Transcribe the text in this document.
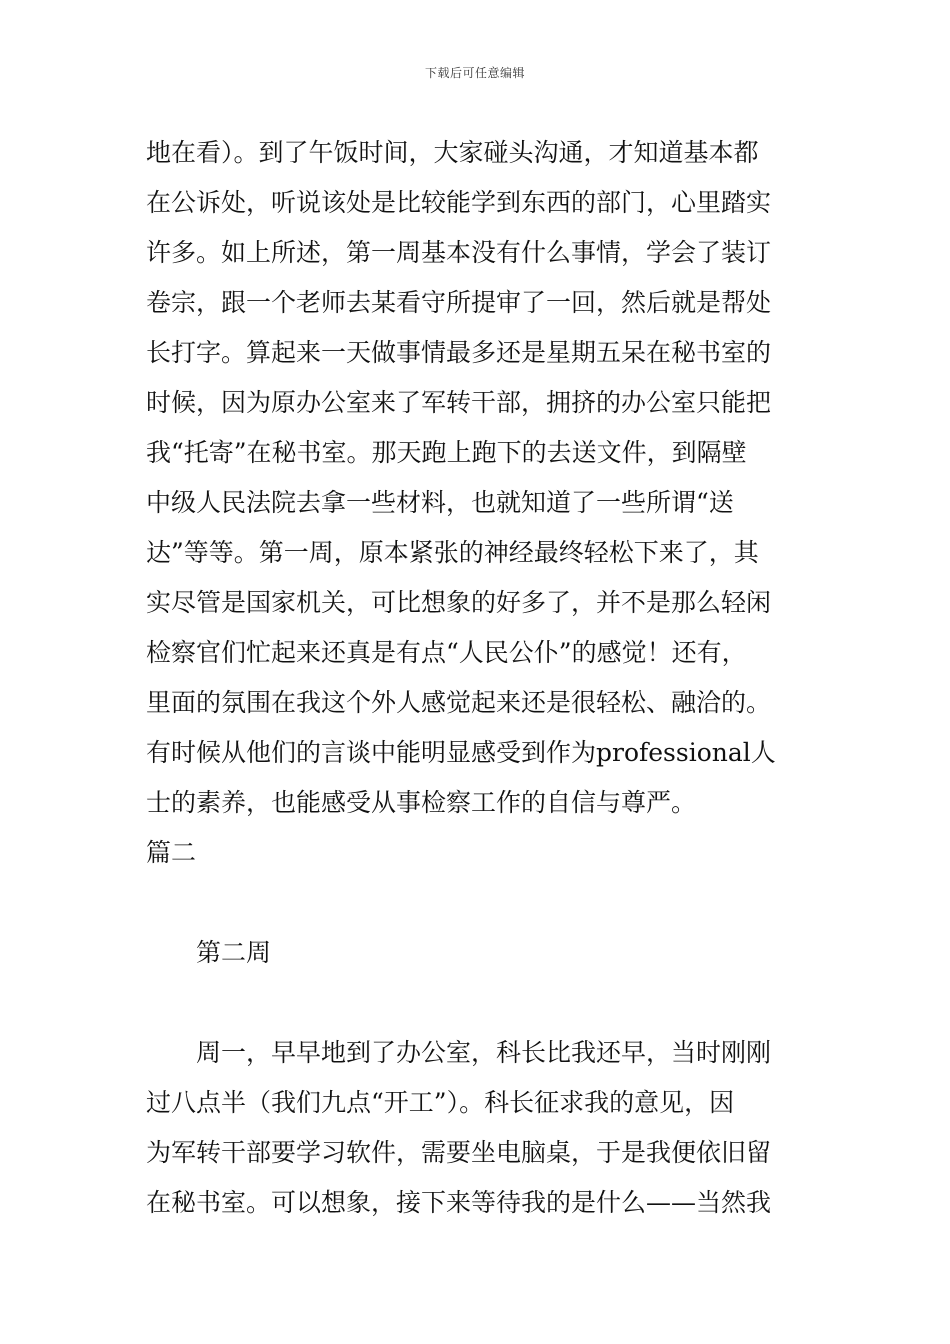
下载后可任意编辑
地在看）。到了午饭时间，大家碰头沟通，才知道基本都
在公诉处，听说该处是比较能学到东西的部门，心里踏实
许多。如上所述，第一周基本没有什么事情，学会了装订
卷宗，跟一个老师去某看守所提审了一回，然后就是帮处
长打字。算起来一天做事情最多还是星期五呆在秘书室的
时候，因为原办公室来了军转干部，拥挤的办公室只能把
我“托寄”在秘书室。那天跑上跑下的去送文件，到隔壁
中级人民法院去拿一些材料，也就知道了一些所谓“送
达”等等。第一周，原本紧张的神经最终轻松下来了，其
实尽管是国家机关，可比想象的好多了，并不是那么轻闲
检察官们忙起来还真是有点“人民公仆”的感觉！还有，
里面的氛围在我这个外人感觉起来还是很轻松、融洽的。
有时候从他们的言谈中能明显感受到作为professional人
士的素养，也能感受从事检察工作的自信与尊严。
篇二
第二周
周一，早早地到了办公室，科长比我还早，当时刚刚
过八点半（我们九点“开工”）。科长征求我的意见，因
为军转干部要学习软件，需要坐电脑桌，于是我便依旧留
在秘书室。可以想象，接下来等待我的是什么——当然我
